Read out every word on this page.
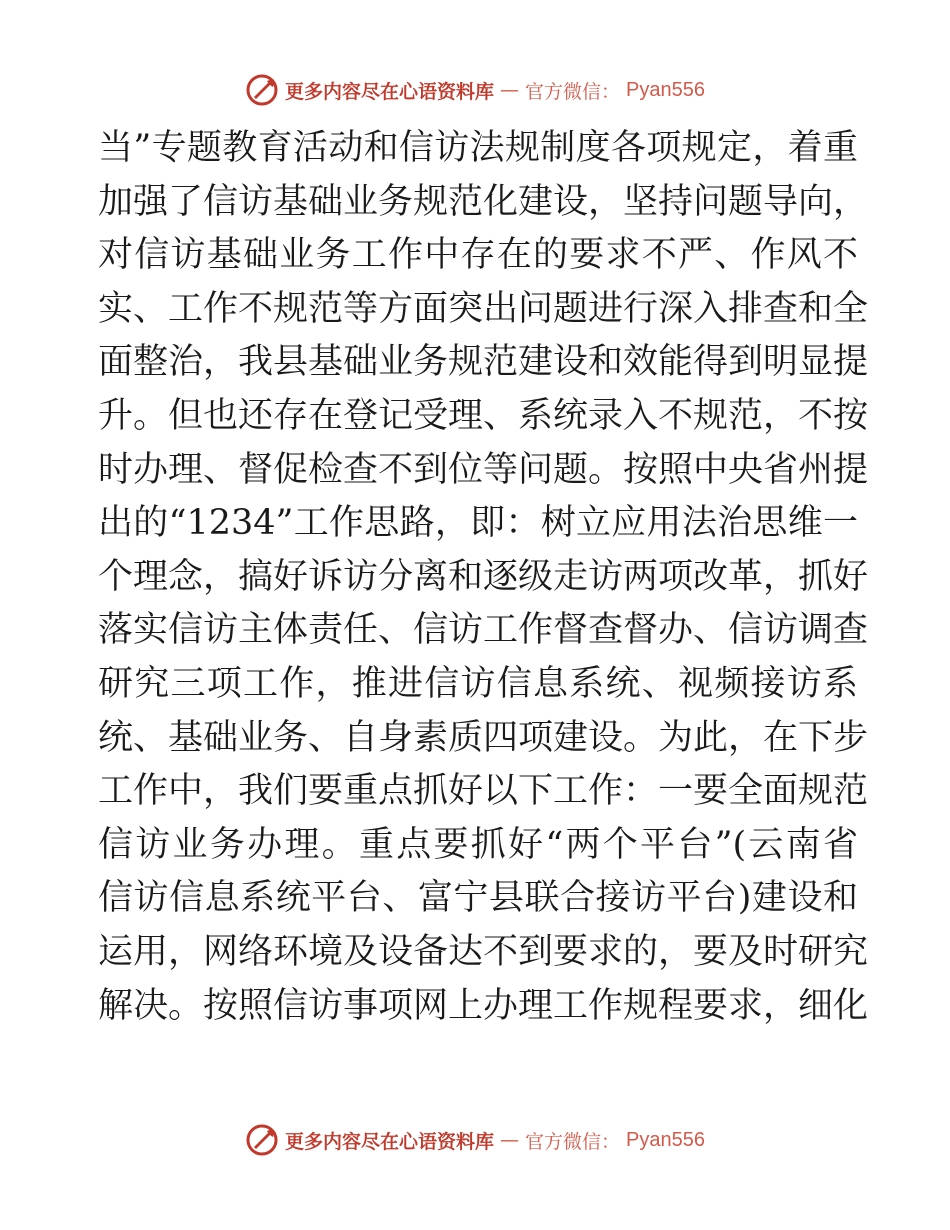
更多内容尽在心语资料库 — 官方微信： Pyan556
当”专题教育活动和信访法规制度各项规定，着重
加强了信访基础业务规范化建设，坚持问题导向，
对信访基础业务工作中存在的要求不严、作风不
实、工作不规范等方面突出问题进行深入排查和全
面整治，我县基础业务规范建设和效能得到明显提
升。但也还存在登记受理、系统录入不规范，不按
时办理、督促检查不到位等问题。按照中央省州提
出的“1234”工作思路，即：树立应用法治思维一
个理念，搞好诉访分离和逐级走访两项改革，抓好
落实信访主体责任、信访工作督查督办、信访调查
研究三项工作，推进信访信息系统、视频接访系
统、基础业务、自身素质四项建设。为此，在下步
工作中，我们要重点抓好以下工作：一要全面规范
信访业务办理。重点要抓好“两个平台”(云南省
信访信息系统平台、富宁县联合接访平台)建设和
运用，网络环境及设备达不到要求的，要及时研究
解决。按照信访事项网上办理工作规程要求，细化
更多内容尽在心语资料库 — 官方微信： Pyan556
